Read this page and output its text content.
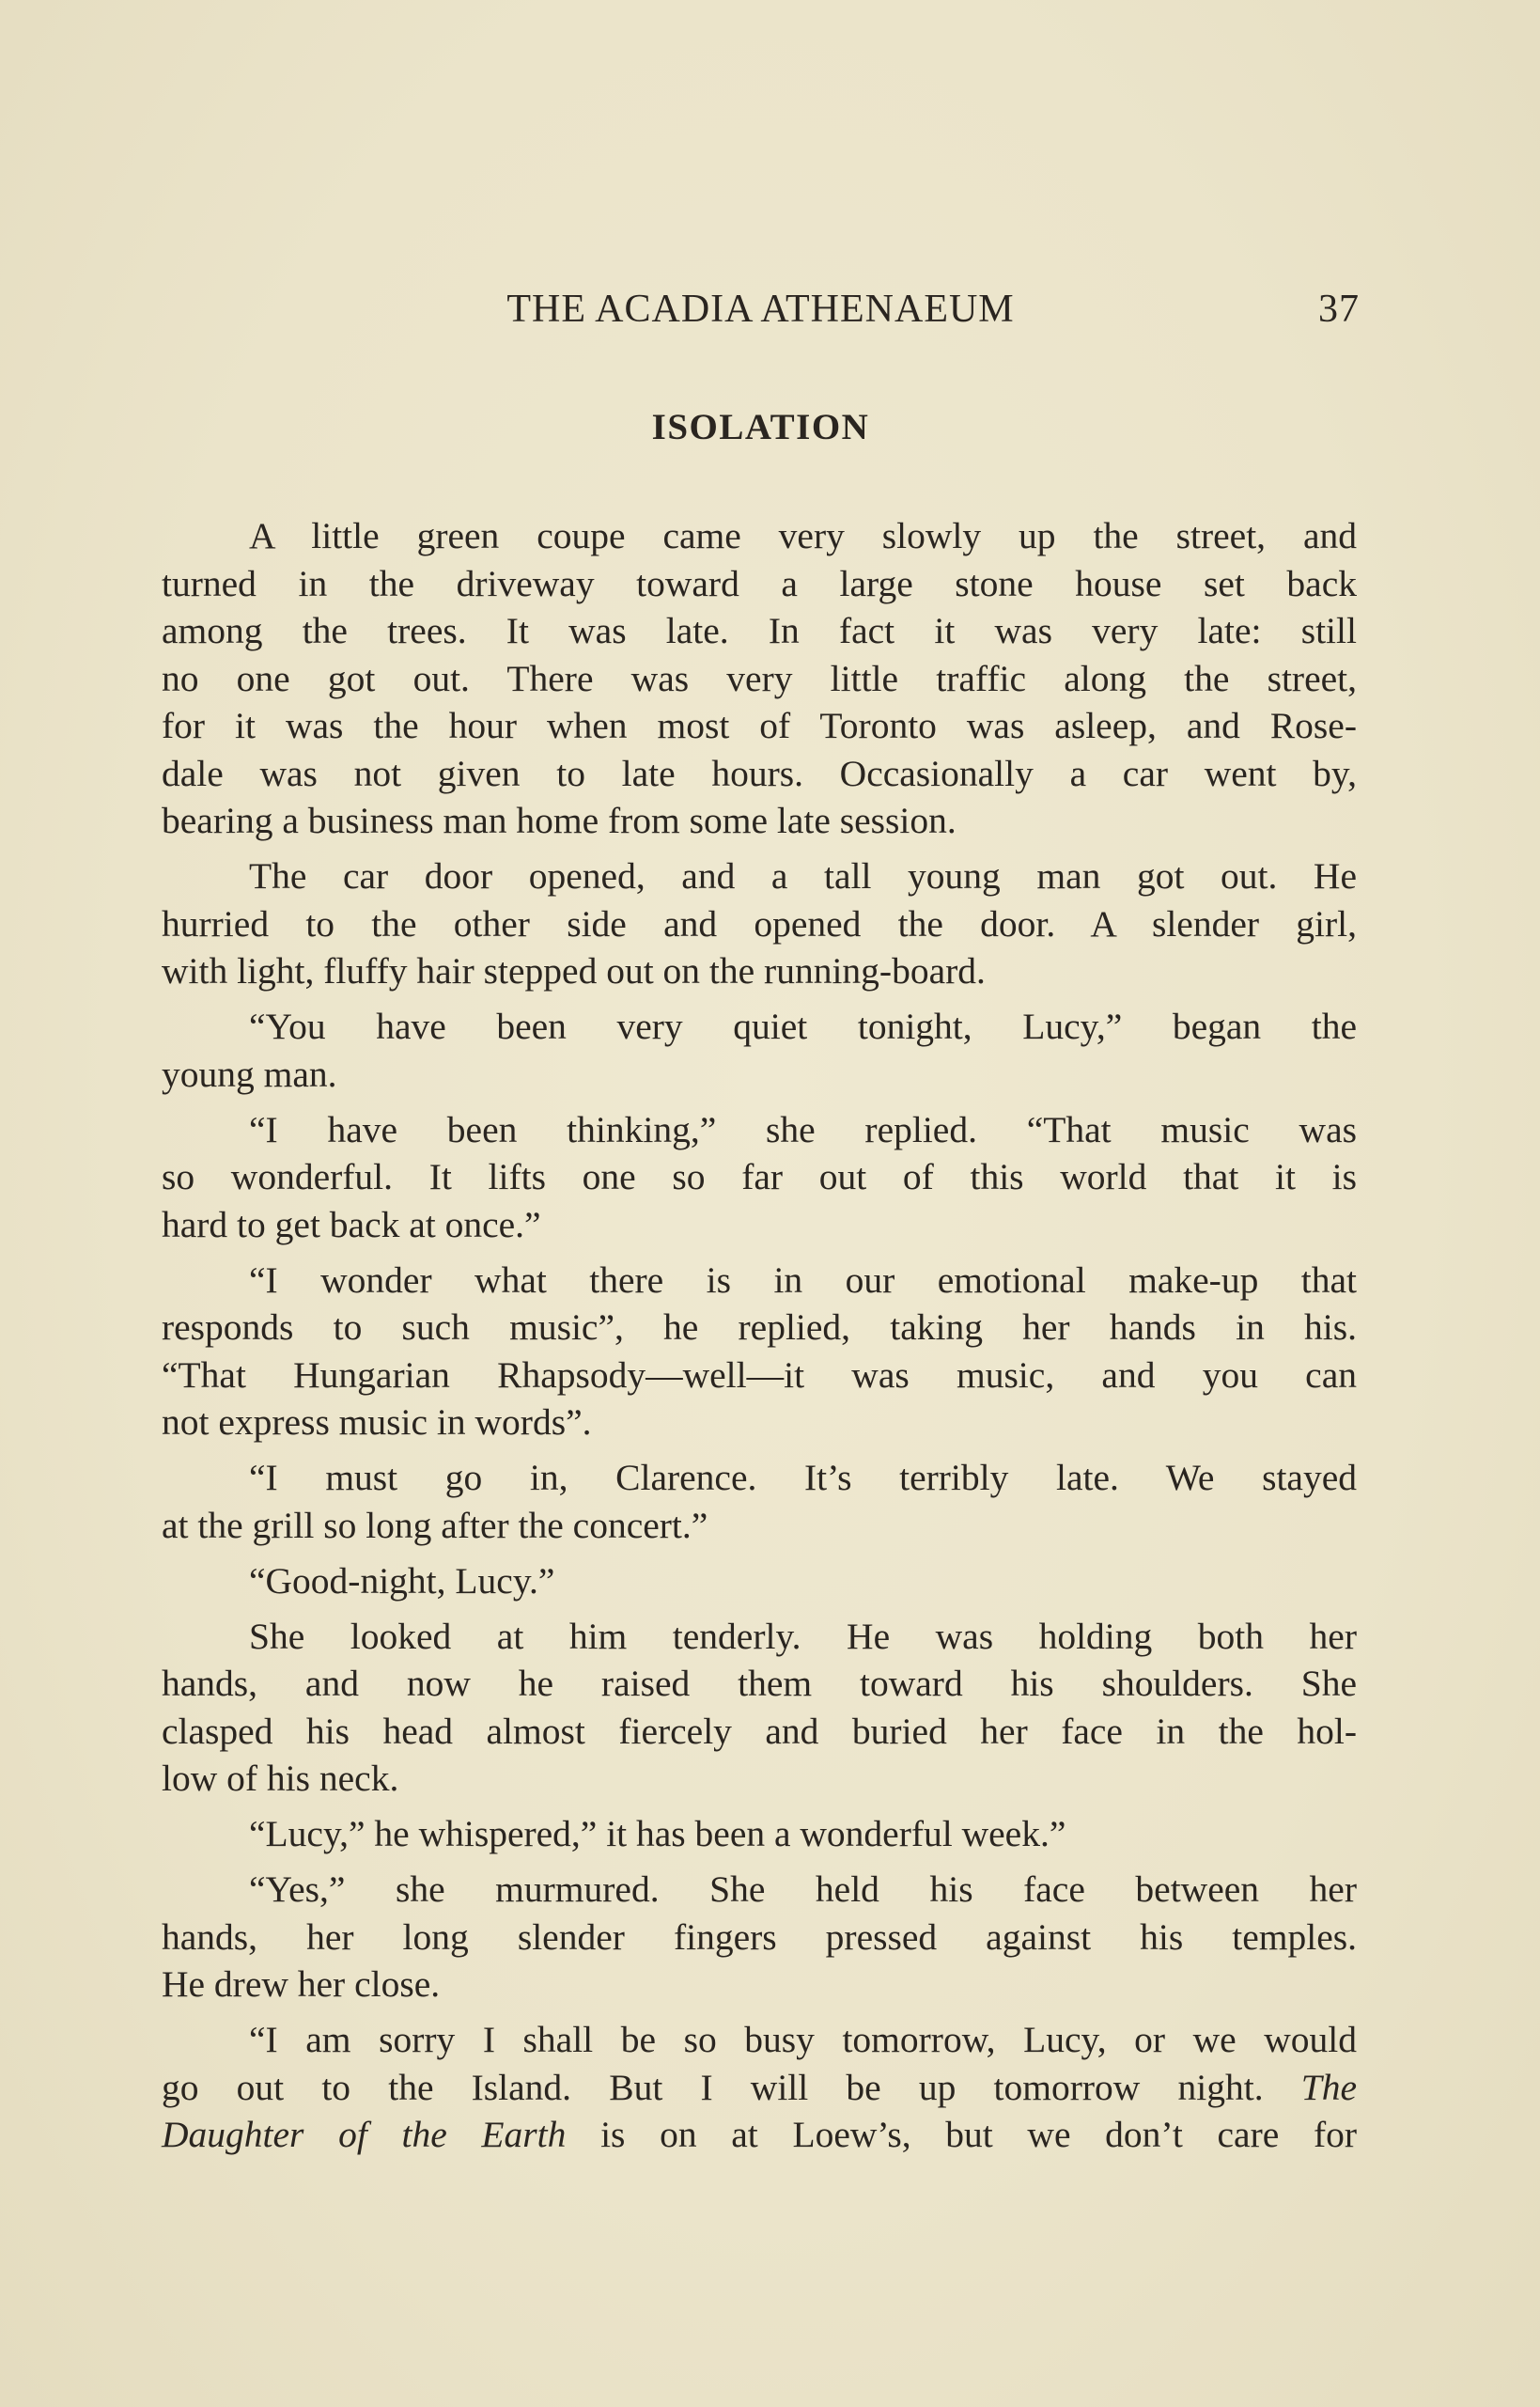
THE ACADIA ATHENAEUM	37
ISOLATION

A little green coupe came very slowly up the street, and
turned in the driveway toward a large stone house set back
among the trees. It was late. In fact it was very late: still
no one got out. There was very little traffic along the street,
for it was the hour when most of Toronto was asleep, and Rose-
dale was not given to late hours. Occasionally a car went by,
bearing a business man home from some late session.

The car door opened, and a tall young man got out. He
hurried to the other side and opened the door. A slender girl,
with light, fluffy hair stepped out on the running-board.

“You have been very quiet tonight, Lucy,” began the
young man.

“I have been thinking,” she replied. “That music was
so wonderful. It lifts one so far out of this world that it is
hard to get back at once.”

“I wonder what there is in our emotional make-up that
responds to such music”, he replied, taking her hands in his.
“That Hungarian Rhapsody—well—it was music, and you can
not express music in words”.

“I must go in, Clarence. It’s terribly late. We stayed
at the grill so long after the concert.”

“Good-night, Lucy.”

She looked at him tenderly. He was holding both her
hands, and now he raised them toward his shoulders. She
clasped his head almost fiercely and buried her face in the hol-
low of his neck.

“Lucy,” he whispered,” it has been a wonderful week.”

“Yes,” she murmured. She held his face between her
hands, her long slender fingers pressed against his temples.
He drew her close.

“I am sorry I shall be so busy tomorrow, Lucy, or we would
go out to the Island. But I will be up tomorrow night. The
Daughter of the Earth is on at Loew’s, but we don’t care for
